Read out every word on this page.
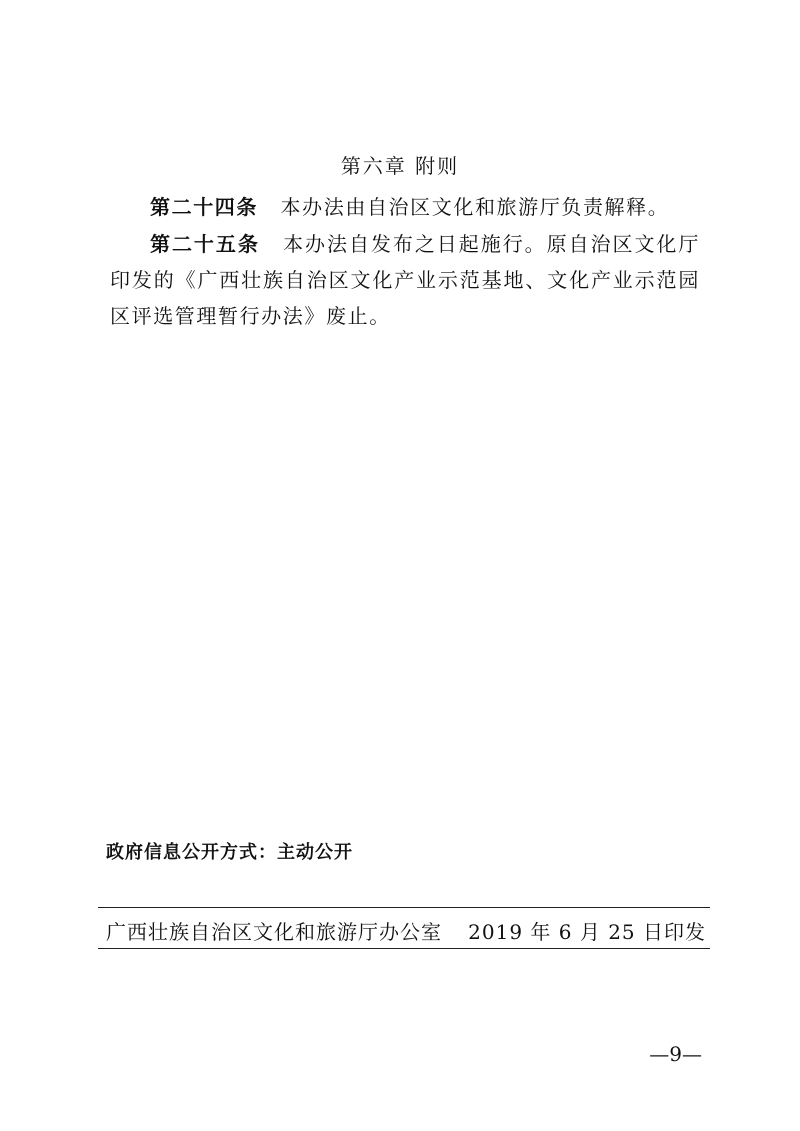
第六章 附则
第二十四条   本办法由自治区文化和旅游厅负责解释。
第二十五条   本办法自发布之日起施行。原自治区文化厅印发的《广西壮族自治区文化产业示范基地、文化产业示范园区评选管理暂行办法》废止。
政府信息公开方式：主动公开
广西壮族自治区文化和旅游厅办公室 2019 年 6 月 25 日印发
—9—
